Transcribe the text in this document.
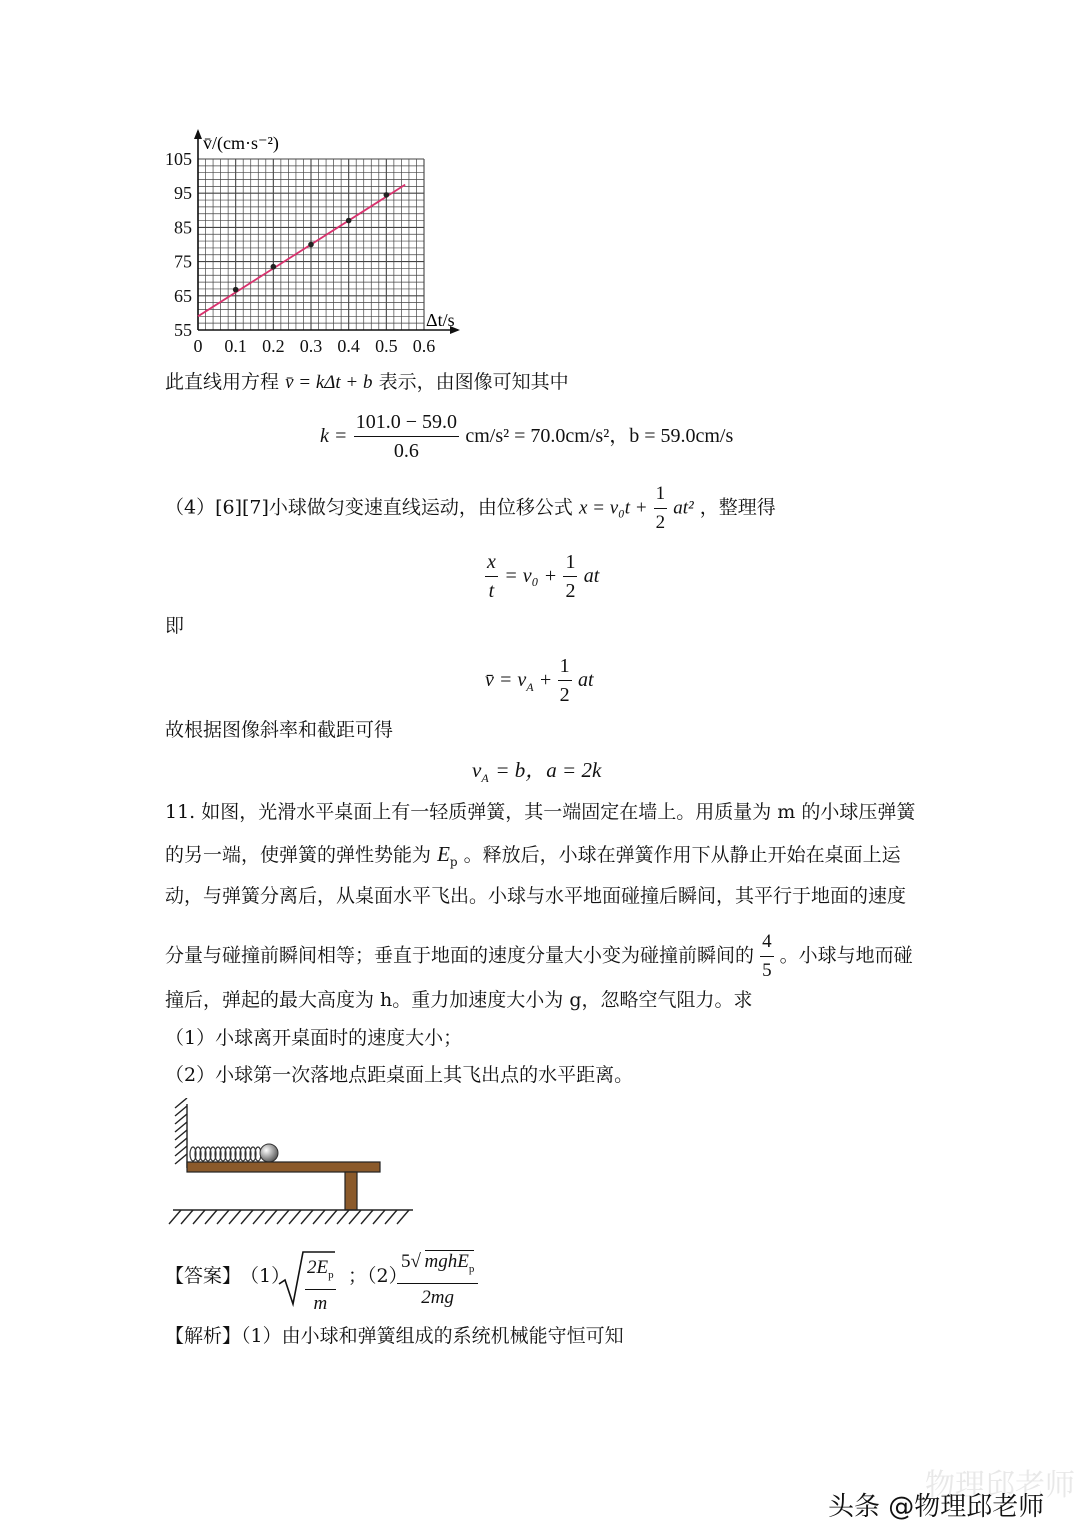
0 0.1 0.2 0.3 0.4 0.5 0.6
55
65
75
85
95
105
v̄/(cm·s⁻²)
Δt/s
此直线用方程 v̄ = kΔt + b 表示，由图像可知其中
$k = \frac{101.0 - 59.0}{0.6} cm/s^2 = 70.0cm/s^2$，b = 59.0cm/s
（4）[6][7]小球做匀变速直线运动，由位移公式 $x = v_0t + \frac{1}{2} at^2$ ，整理得
$\frac{x}{t} = v_0 + \frac{1}{2}$ at
即
v̄ = $v_A + \frac{1}{2}$ at
故根据图像斜率和截距可得
$v_A = b$，a = 2k
11. 如图，光滑水平桌面上有一轻质弹簧，其一端固定在墙上。用质量为 m 的小球压弹簧
的另一端，使弹簧的弹性势能为 $E_p$ 。释放后，小球在弹簧作用下从静止开始在桌面上运
动，与弹簧分离后，从桌面水平飞出。小球与水平地面碰撞后瞬间，其平行于地面的速度
分量与碰撞前瞬间相等；垂直于地面的速度分量大小变为碰撞前瞬间的 $\frac{4}{5}$ 。小球与地而碰
撞后，弹起的最大高度为 h。重力加速度大小为 g，忽略空气阻力。求
（1）小球离开桌面时的速度大小；
（2）小球第一次落地点距桌面上其飞出点的水平距离。
【答案】
$(1) \frac{2E_p}{m}$ ；（2）
5 √ mghE$_p$
2mg
【解析】（1）由小球和弹簧组成的系统机械能守恒可知
物理邱老师
头条 @物理邱老师
